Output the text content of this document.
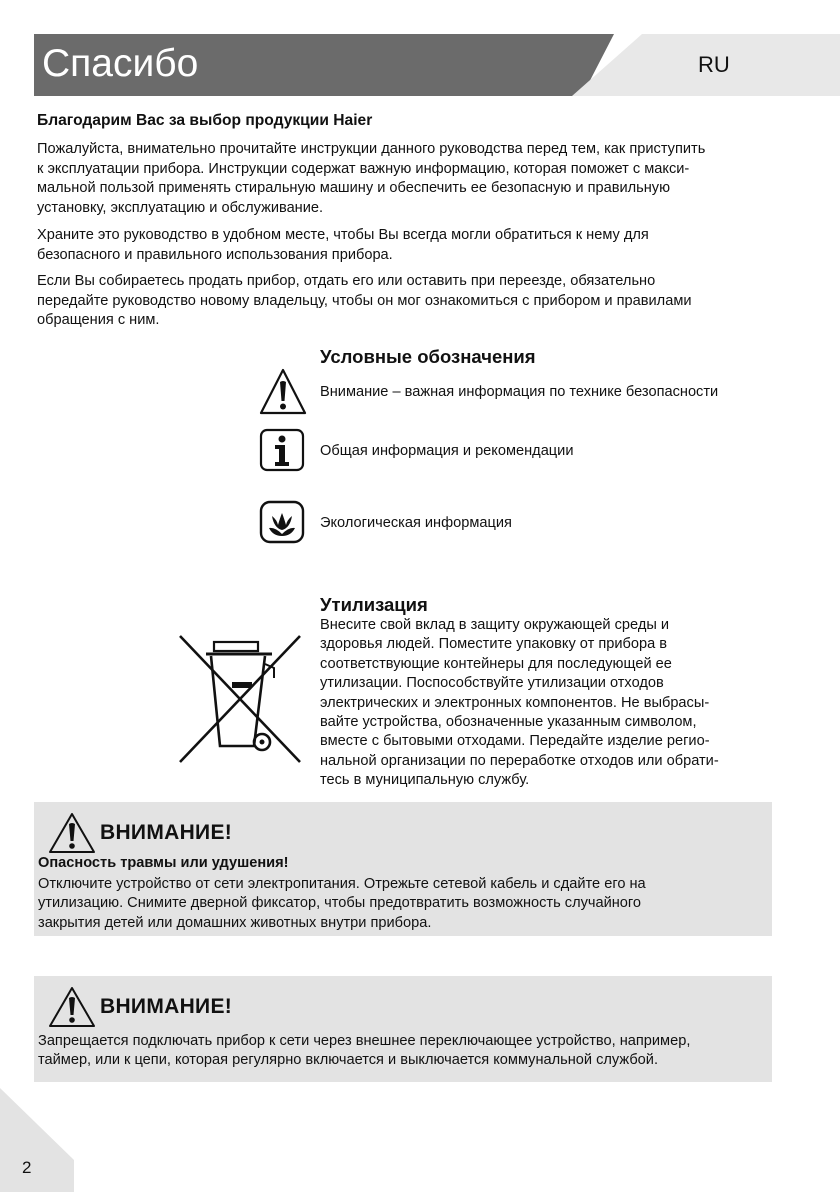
Спасибо	RU
Благодарим Вас за выбор продукции Haier
Пожалуйста, внимательно прочитайте инструкции данного руководства перед тем, как приступить
к эксплуатации прибора. Инструкции содержат важную информацию, которая поможет с макси-
мальной пользой применять стиральную машину и обеспечить ее безопасную и правильную
установку, эксплуатацию и обслуживание.
Храните это руководство в удобном месте, чтобы Вы всегда могли обратиться к нему для
безопасного и правильного использования прибора.
Если Вы собираетесь продать прибор, отдать его или оставить при переезде, обязательно
передайте руководство новому владельцу, чтобы он мог ознакомиться с прибором и правилами
обращения с ним.
Условные обозначения
Внимание – важная информация по технике безопасности
Общая информация и рекомендации
Экологическая информация
Утилизация
Внесите свой вклад в защиту окружающей среды и
здоровья людей. Поместите упаковку от прибора в
соответствующие контейнеры для последующей ее
утилизации. Поспособствуйте утилизации отходов
электрических и электронных компонентов. Не выбрасы-
вайте устройства, обозначенные указанным символом,
вместе с бытовыми отходами. Передайте изделие регио-
нальной организации по переработке отходов или обрати-
тесь в муниципальную службу.
ВНИМАНИЕ!
Опасность травмы или удушения!
Отключите устройство от сети электропитания. Отрежьте сетевой кабель и сдайте его на
утилизацию. Снимите дверной фиксатор, чтобы предотвратить возможность случайного
закрытия детей или домашних животных внутри прибора.
ВНИМАНИЕ!
Запрещается подключать прибор к сети через внешнее переключающее устройство, например,
таймер, или к цепи, которая регулярно включается и выключается коммунальной службой.
2
